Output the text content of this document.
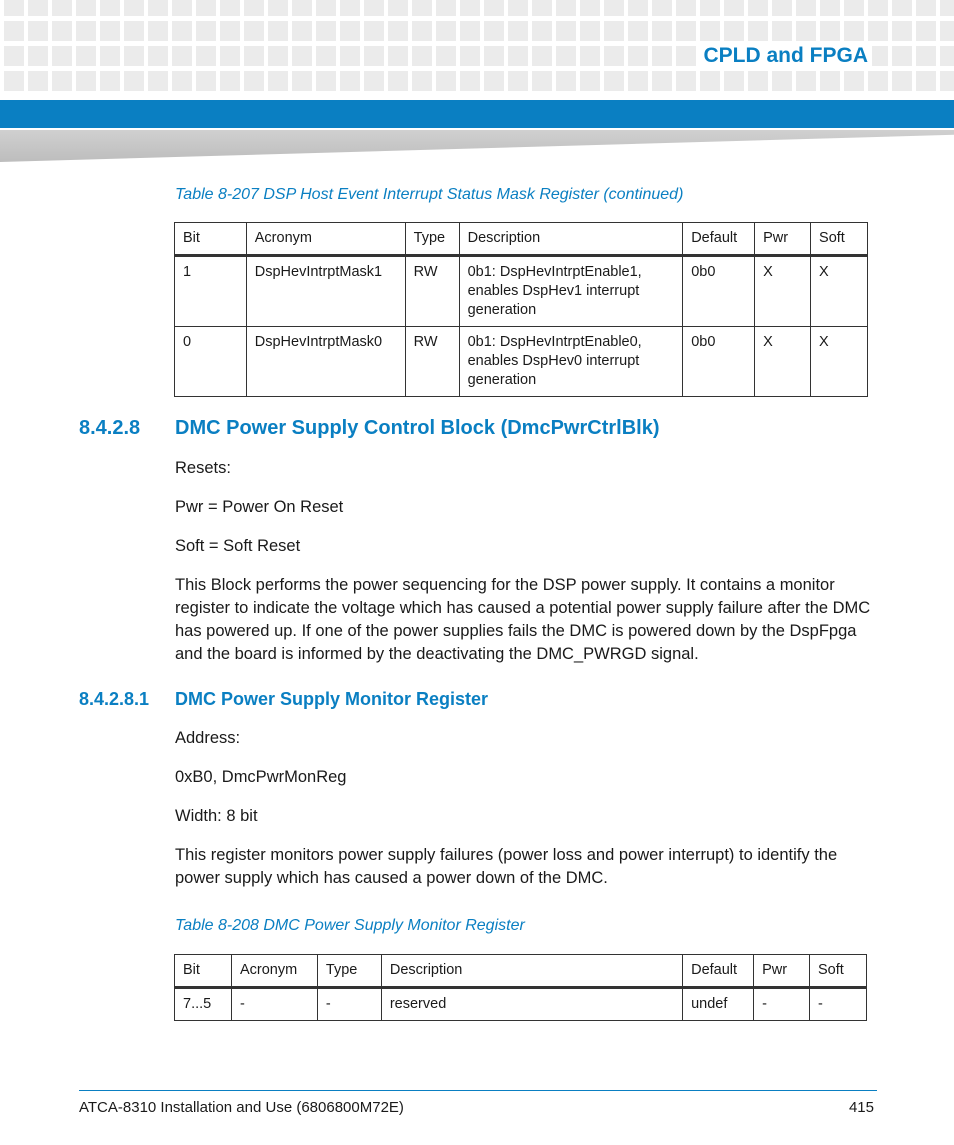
CPLD and FPGA
Table 8-207 DSP Host Event Interrupt Status Mask Register (continued)
Bit	Acronym	Type	Description	Default	Pwr	Soft
1	DspHevIntrptMask1	RW	0b1: DspHevIntrptEnable1, enables DspHev1 interrupt generation	0b0	X	X
0	DspHevIntrptMask0	RW	0b1: DspHevIntrptEnable0, enables DspHev0 interrupt generation	0b0	X	X
8.4.2.8 DMC Power Supply Control Block (DmcPwrCtrlBlk)

Resets:

Pwr = Power On Reset

Soft = Soft Reset

This Block performs the power sequencing for the DSP power supply. It contains a monitor register to indicate the voltage which has caused a potential power supply failure after the DMC has powered up. If one of the power supplies fails the DMC is powered down by the DspFpga and the board is informed by the deactivating the DMC_PWRGD signal.

8.4.2.8.1 DMC Power Supply Monitor Register

Address:

0xB0, DmcPwrMonReg

Width: 8 bit

This register monitors power supply failures (power loss and power interrupt) to identify the power supply which has caused a power down of the DMC.

Table 8-208 DMC Power Supply Monitor Register
Bit	Acronym	Type	Description	Default	Pwr	Soft
7...5	-	-	reserved	undef	-	-
ATCA-8310 Installation and Use (6806800M72E)	415
